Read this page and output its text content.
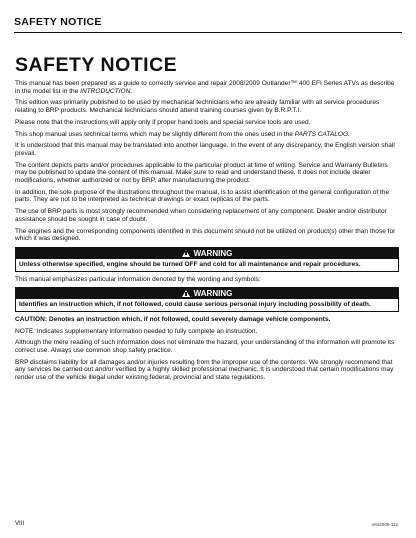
SAFETY NOTICE
SAFETY NOTICE

This manual has been prepared as a guide to correctly service and repair 2008/2009 Outlander™ 400 EFI Series ATVs as describe in the model list in the INTRODUCTION.

This edition was primarily published to be used by mechanical technicians who are already familiar with all service procedures relating to BRP products. Mechanical technicians should attend training courses given by B.R.P.T.I.

Please note that the instructions will apply only if proper hand tools and special service tools are used.

This shop manual uses technical terms which may be slightly different from the ones used in the PARTS CATALOG.

It is understood that this manual may be translated into another language. In the event of any discrepancy, the English version shall prevail.

The content depicts parts and/or procedures applicable to the particular product at time of writing. Service and Warranty Bulletins may be published to update the content of this manual. Make sure to read and understand these. It does not include dealer modifications, whether authorized or not by BRP, after manufacturing the product.

In addition, the sole purpose of the illustrations throughout the manual, is to assist identification of the general configuration of the parts. They are not to be interpreted as technical drawings or exact replicas of the parts.

The use of BRP parts is most strongly recommended when considering replacement of any component. Dealer and/or distributor assistance should be sought in case of doubt.

The engines and the corresponding components identified in this document should not be utilized on product(s) other than those for which it was designed.

WARNING
Unless otherwise specified, engine should be turned OFF and cold for all maintenance and repair procedures.

This manual emphasizes particular information denoted by the wording and symbols:

WARNING
Identifies an instruction which, if not followed, could cause serious personal injury including possibility of death.

CAUTION: Denotes an instruction which, if not followed, could severely damage vehicle components.

NOTE: Indicates supplementary information needed to fully complete an instruction.

Although the mere reading of such information does not eliminate the hazard, your understanding of the information will promote its correct use. Always use common shop safety practice.

BRP disclaims liability for all damages and/or injuries resulting from the improper use of the contents. We strongly recommend that any services be carried out and/or verified by a highly skilled professional mechanic. It is understood that certain modifications may render use of the vehicle illegal under existing federal, provincial and state regulations.

VIII	vmr2009-112
